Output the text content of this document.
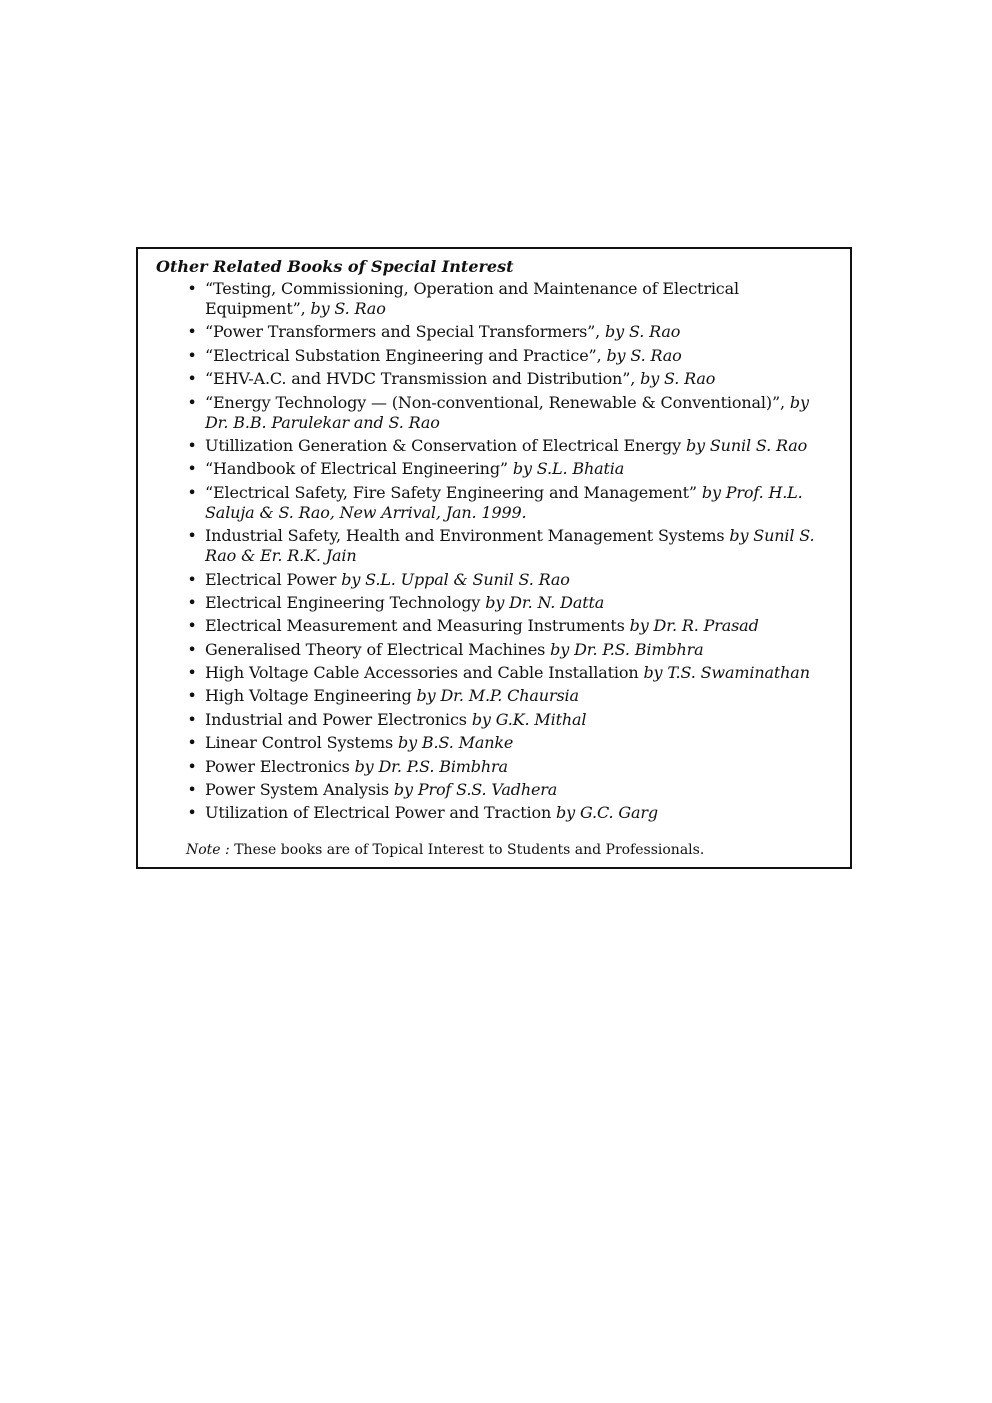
Other Related Books of Special Interest
• “Testing, Commissioning, Operation and Maintenance of Electrical Equipment”, by S. Rao
• “Power Transformers and Special Transformers”, by S. Rao
• “Electrical Substation Engineering and Practice”, by S. Rao
• “EHV-A.C. and HVDC Transmission and Distribution”, by S. Rao
• “Energy Technology — (Non-conventional, Renewable & Conventional)”, by Dr. B.B. Parulekar and S. Rao
• Utillization Generation & Conservation of Electrical Energy by Sunil S. Rao
• “Handbook of Electrical Engineering” by S.L. Bhatia
• “Electrical Safety, Fire Safety Engineering and Management” by Prof. H.L. Saluja & S. Rao, New Arrival, Jan. 1999.
• Industrial Safety, Health and Environment Management Systems by Sunil S. Rao & Er. R.K. Jain
• Electrical Power by S.L. Uppal & Sunil S. Rao
• Electrical Engineering Technology by Dr. N. Datta
• Electrical Measurement and Measuring Instruments by Dr. R. Prasad
• Generalised Theory of Electrical Machines by Dr. P.S. Bimbhra
• High Voltage Cable Accessories and Cable Installation by T.S. Swaminathan
• High Voltage Engineering by Dr. M.P. Chaursia
• Industrial and Power Electronics by G.K. Mithal
• Linear Control Systems by B.S. Manke
• Power Electronics by Dr. P.S. Bimbhra
• Power System Analysis by Prof S.S. Vadhera
• Utilization of Electrical Power and Traction by G.C. Garg
Note : These books are of Topical Interest to Students and Professionals.
